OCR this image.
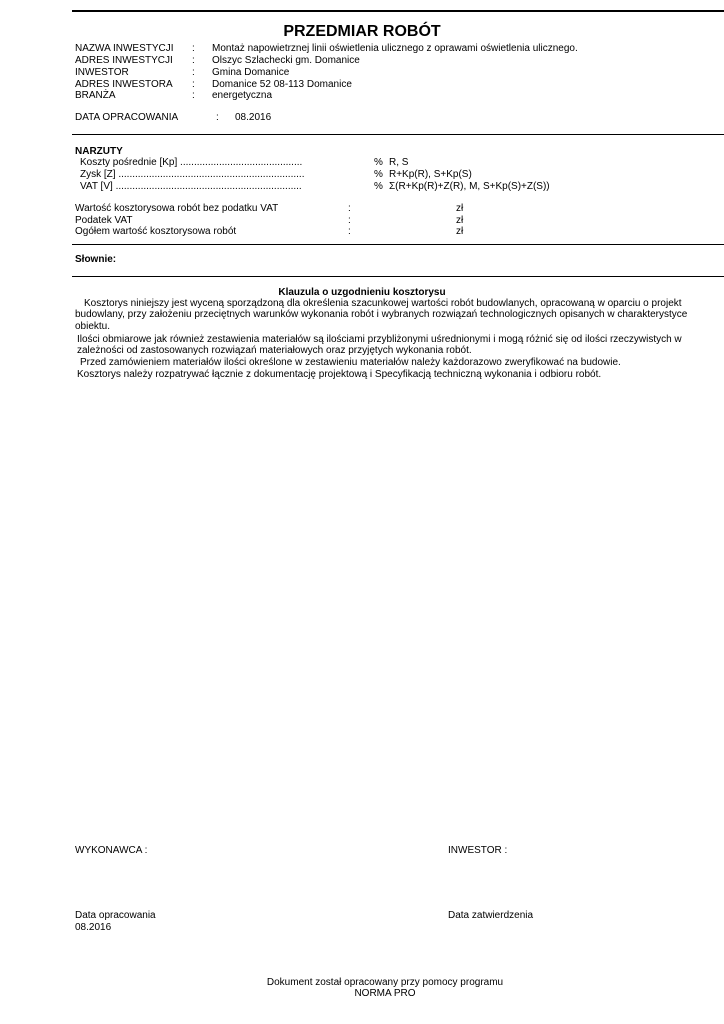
PRZEDMIAR ROBÓT
NAZWA INWESTYCJI : Montaż napowietrznej linii oświetlenia ulicznego z oprawami oświetlenia ulicznego.
ADRES INWESTYCJI : Olszyc Szlachecki gm. Domanice
INWESTOR	: Gmina Domanice
ADRES INWESTORA : Domanice 52 08-113 Domanice
BRANŻA	: energetyczna
DATA OPRACOWANIA	: 08.2016
NARZUTY
Koszty pośrednie [Kp] ............................................	% R, S
Zysk [Z] ...................................................................	% R+Kp(R), S+Kp(S)
VAT [V] ...................................................................	% Σ(R+Kp(R)+Z(R), M, S+Kp(S)+Z(S))
Wartość kosztorysowa robót bez podatku VAT	:	zł
Podatek VAT	:	zł
Ogółem wartość kosztorysowa robót	:	zł
Słownie:
Klauzula o uzgodnieniu kosztorysu
Kosztorys niniejszy jest wyceną sporządzoną dla określenia szacunkowej wartości robót budowlanych, opracowaną w oparciu o projekt budowlany, przy założeniu przeciętnych warunków wykonania robót i wybranych rozwiązań technologicznych opisanych w charakterystyce obiektu.
Ilości obmiarowe jak również zestawienia materiałów są ilościami przybliżonymi uśrednionymi i mogą różnić się od ilości rzeczywistych w zależności od zastosowanych rozwiązań materiałowych oraz przyjętych wykonania robót.
Przed zamówieniem materiałów ilości określone w zestawieniu materiałów należy każdorazowo zweryfikować na budowie.
Kosztorys należy rozpatrywać łącznie z dokumentację projektową i Specyfikacją techniczną wykonania i odbioru robót.
WYKONAWCA :	INWESTOR :
Data opracowania
08.2016
Data zatwierdzenia
Dokument został opracowany przy pomocy programu
NORMA PRO
